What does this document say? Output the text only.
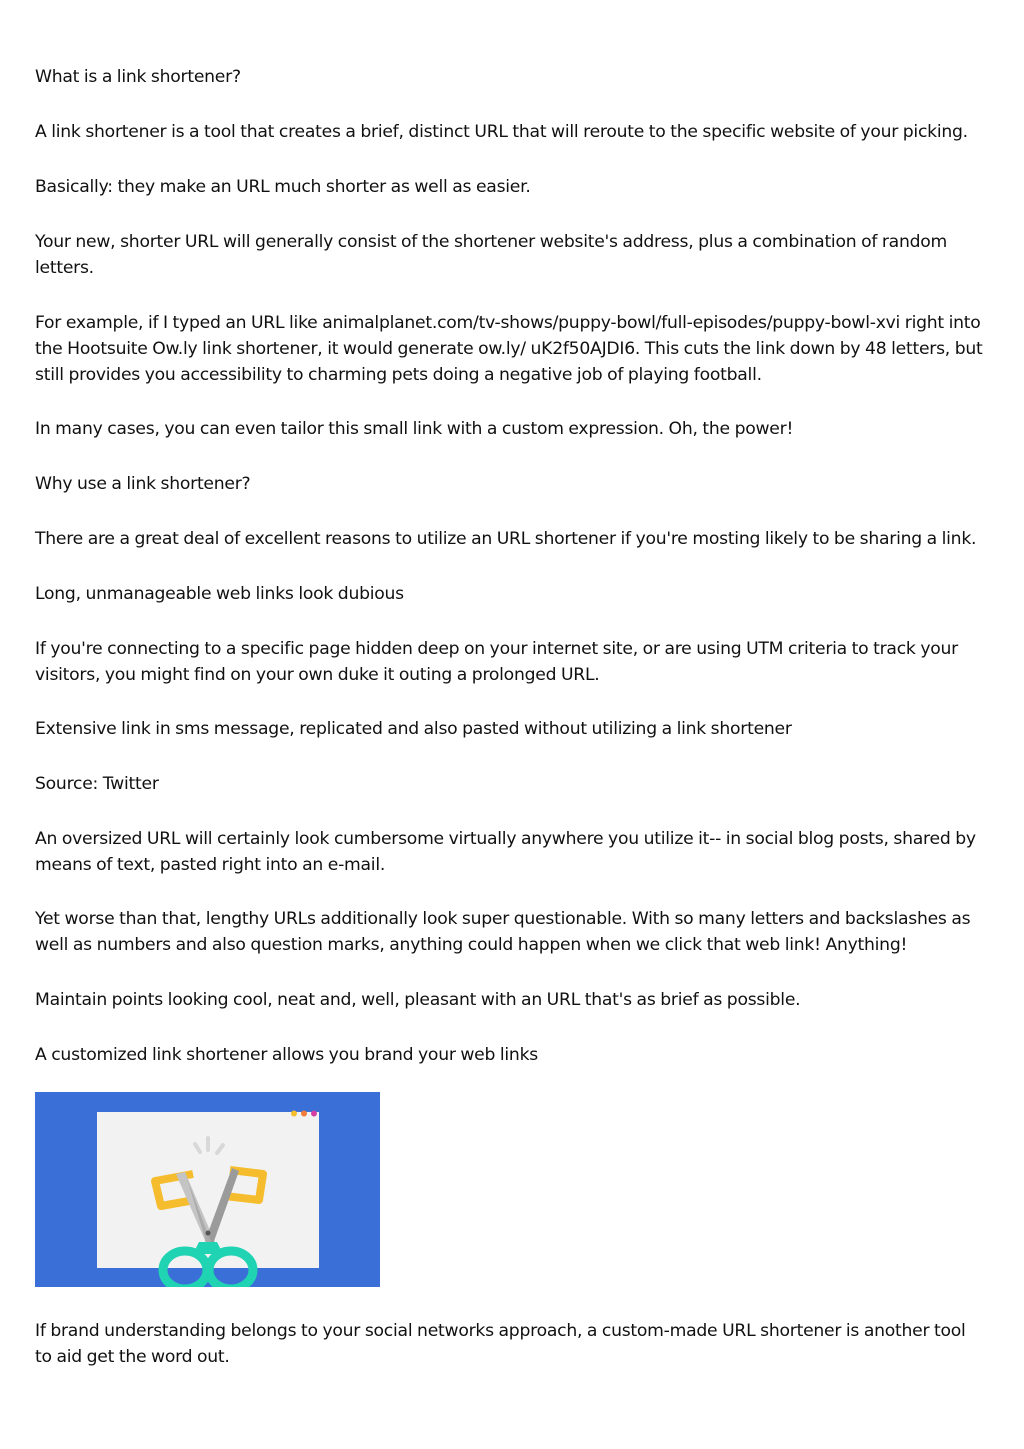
What is a link shortener?

A link shortener is a tool that creates a brief, distinct URL that will reroute to the specific website of your picking.

Basically: they make an URL much shorter as well as easier.

Your new, shorter URL will generally consist of the shortener website's address, plus a combination of random letters.

For example, if I typed an URL like animalplanet.com/tv-shows/puppy-bowl/full-episodes/puppy-bowl-xvi right into the Hootsuite Ow.ly link shortener, it would generate ow.ly/ uK2f50AJDI6. This cuts the link down by 48 letters, but still provides you accessibility to charming pets doing a negative job of playing football.

In many cases, you can even tailor this small link with a custom expression. Oh, the power!

Why use a link shortener?

There are a great deal of excellent reasons to utilize an URL shortener if you're mosting likely to be sharing a link.

Long, unmanageable web links look dubious

If you're connecting to a specific page hidden deep on your internet site, or are using UTM criteria to track your visitors, you might find on your own duke it outing a prolonged URL.

Extensive link in sms message, replicated and also pasted without utilizing a link shortener

Source: Twitter

An oversized URL will certainly look cumbersome virtually anywhere you utilize it-- in social blog posts, shared by means of text, pasted right into an e-mail.

Yet worse than that, lengthy URLs additionally look super questionable. With so many letters and backslashes as well as numbers and also question marks, anything could happen when we click that web link! Anything!

Maintain points looking cool, neat and, well, pleasant with an URL that's as brief as possible.

A customized link shortener allows you brand your web links

If brand understanding belongs to your social networks approach, a custom-made URL shortener is another tool to aid get the word out.
